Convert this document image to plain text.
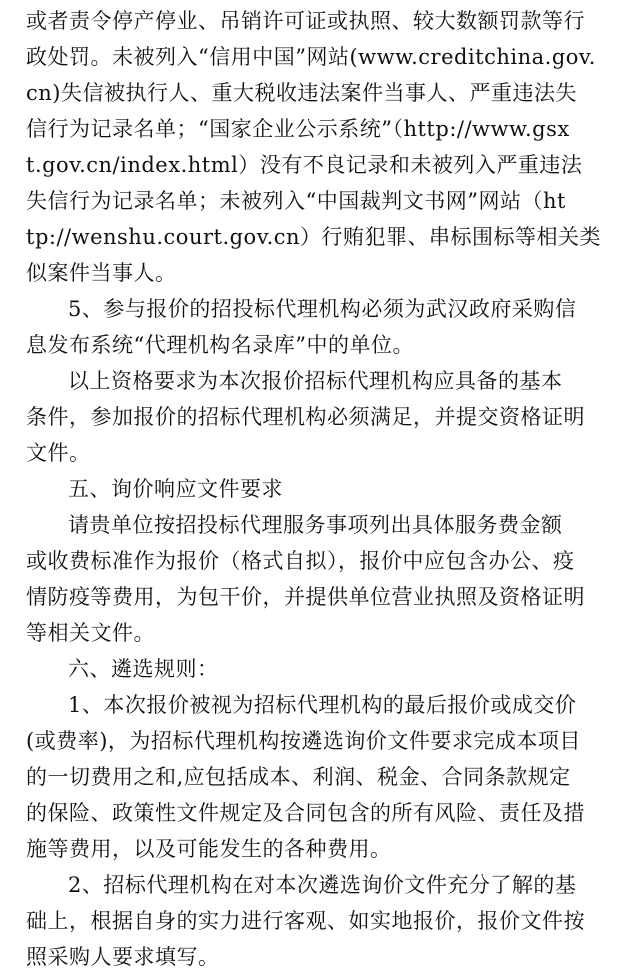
或者责令停产停业、吊销许可证或执照、较大数额罚款等行
政处罚。未被列入“信用中国”网站(www.creditchina.gov.
cn)失信被执行人、重大税收违法案件当事人、严重违法失
信行为记录名单；“国家企业公示系统”（http://www.gsx
t.gov.cn/index.html）没有不良记录和未被列入严重违法
失信行为记录名单；未被列入“中国裁判文书网”网站（ht
tp://wenshu.court.gov.cn）行贿犯罪、串标围标等相关类
似案件当事人。
5、参与报价的招投标代理机构必须为武汉政府采购信
息发布系统“代理机构名录库”中的单位。
以上资格要求为本次报价招标代理机构应具备的基本
条件，参加报价的招标代理机构必须满足，并提交资格证明
文件。
五、询价响应文件要求
请贵单位按招投标代理服务事项列出具体服务费金额
或收费标准作为报价（格式自拟），报价中应包含办公、疫
情防疫等费用，为包干价，并提供单位营业执照及资格证明
等相关文件。
六、遴选规则：
1、本次报价被视为招标代理机构的最后报价或成交价
(或费率)，为招标代理机构按遴选询价文件要求完成本项目
的一切费用之和,应包括成本、利润、税金、合同条款规定
的保险、政策性文件规定及合同包含的所有风险、责任及措
施等费用，以及可能发生的各种费用。
2、招标代理机构在对本次遴选询价文件充分了解的基
础上，根据自身的实力进行客观、如实地报价，报价文件按
照采购人要求填写。
